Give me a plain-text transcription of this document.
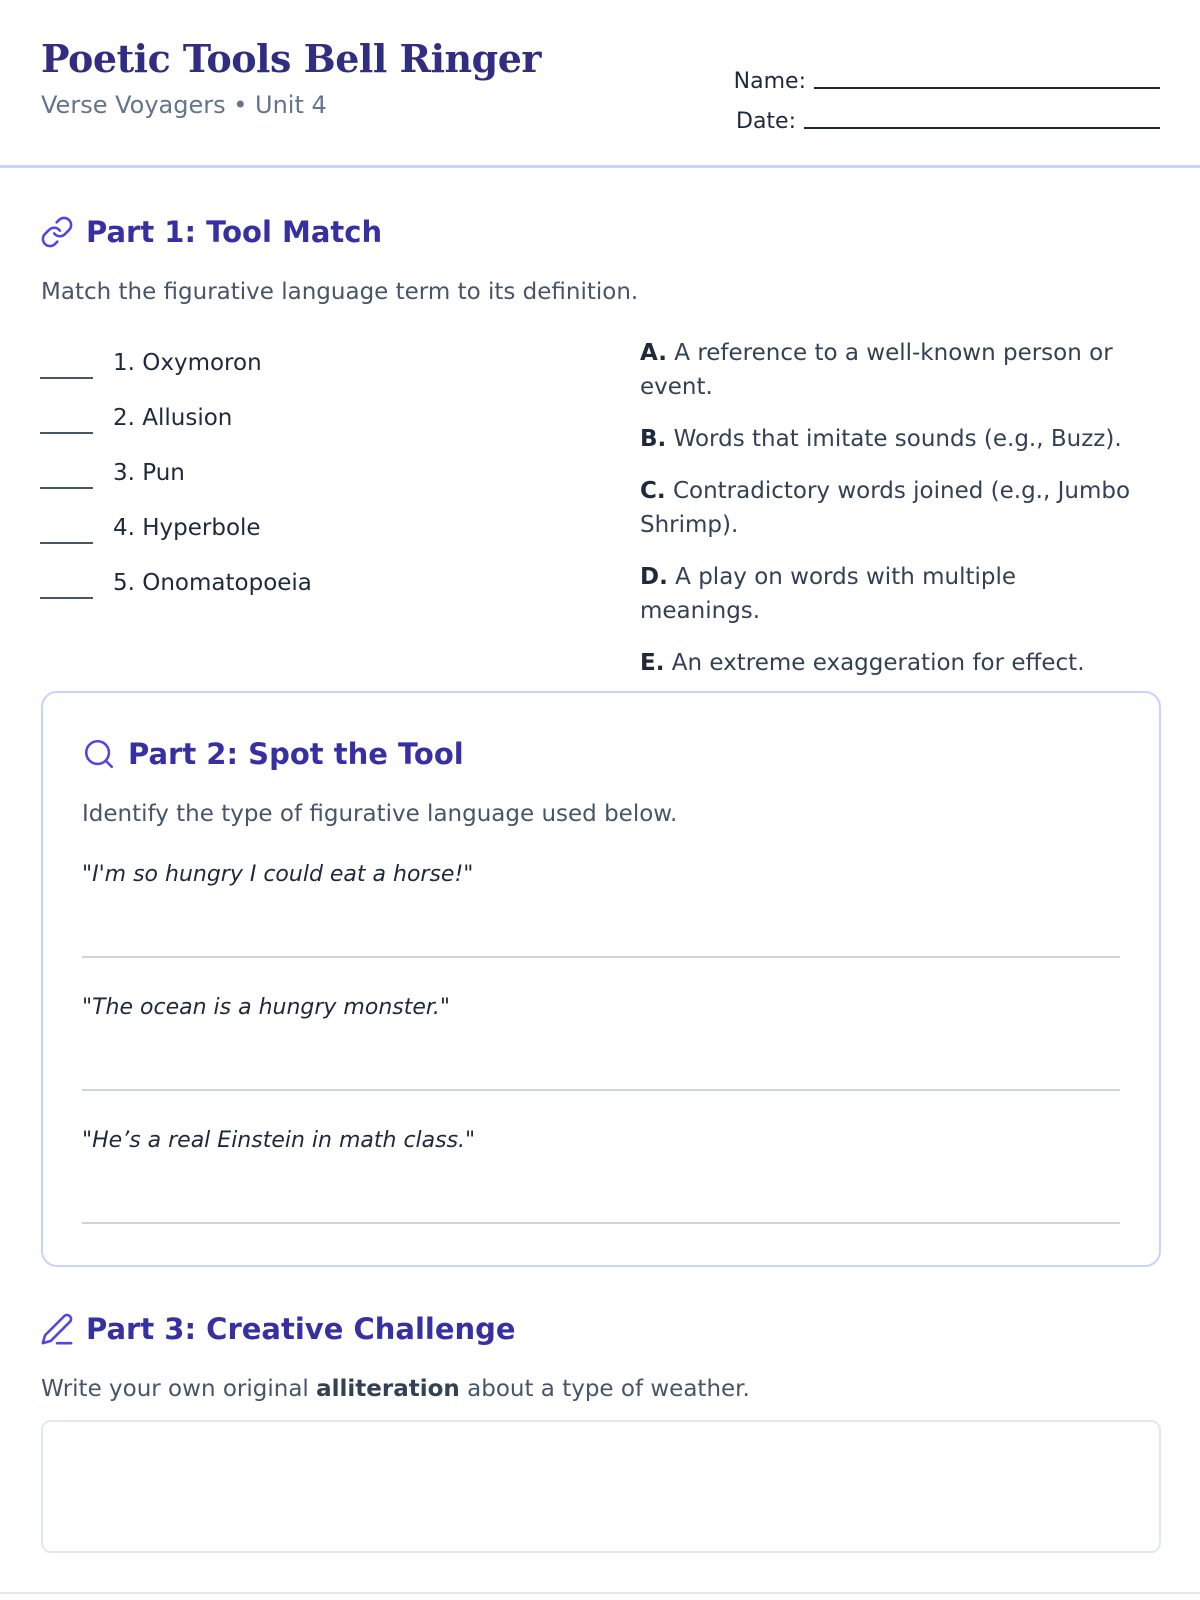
Poetic Tools Bell Ringer
Verse Voyagers • Unit 4
Name:
Date:
Part 1: Tool Match
Match the figurative language term to its definition.
1. Oxymoron
2. Allusion
3. Pun
4. Hyperbole
5. Onomatopoeia
A. A reference to a well-known person or event.
B. Words that imitate sounds (e.g., Buzz).
C. Contradictory words joined (e.g., Jumbo Shrimp).
D. A play on words with multiple meanings.
E. An extreme exaggeration for effect.
Part 2: Spot the Tool
Identify the type of figurative language used below.
"I'm so hungry I could eat a horse!"
"The ocean is a hungry monster."
"He’s a real Einstein in math class."
Part 3: Creative Challenge
Write your own original alliteration about a type of weather.
